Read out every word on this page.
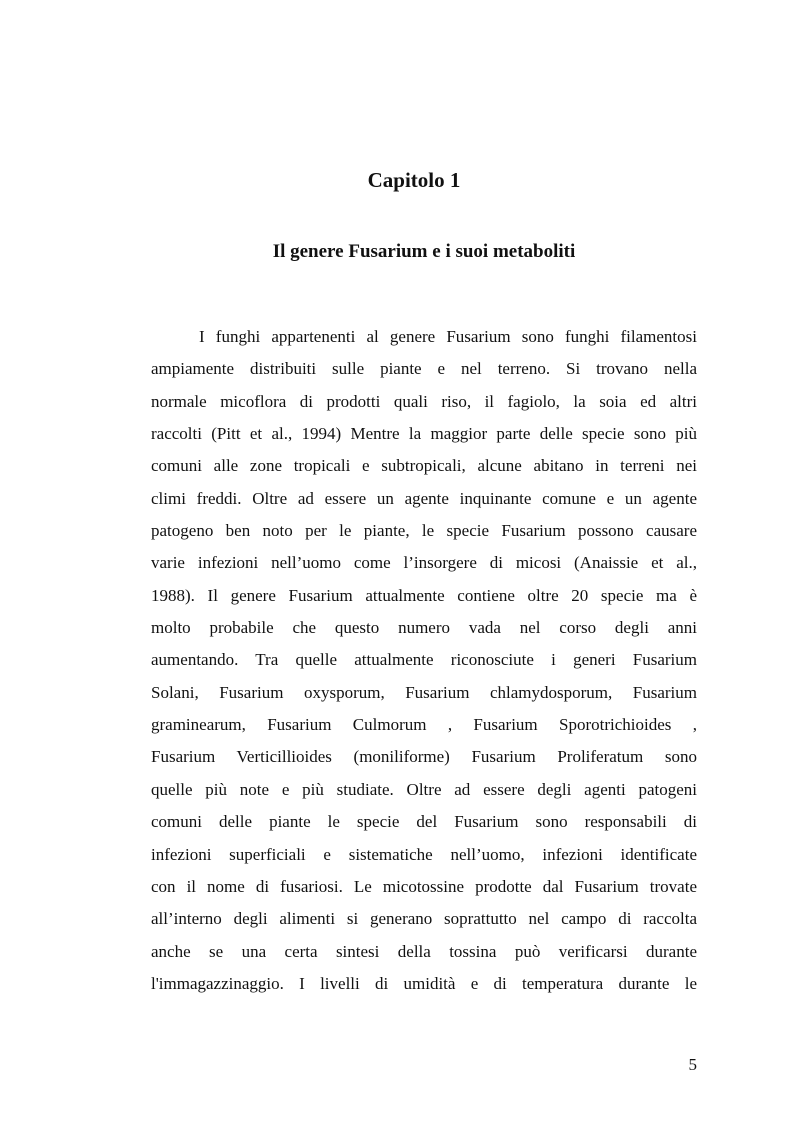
Capitolo 1
Il genere Fusarium e i suoi metaboliti
I funghi appartenenti al genere Fusarium sono funghi filamentosi
ampiamente distribuiti sulle piante e nel terreno. Si trovano nella
normale micoflora di prodotti quali riso, il fagiolo, la soia ed altri
raccolti (Pitt et al., 1994) Mentre la maggior parte delle specie sono più
comuni alle zone tropicali e subtropicali, alcune abitano in terreni nei
climi freddi. Oltre ad essere un agente inquinante comune e un agente
patogeno ben noto per le piante, le specie Fusarium possono causare
varie infezioni nell’uomo come l’insorgere di micosi (Anaissie et al.,
1988). Il genere Fusarium attualmente contiene oltre 20 specie ma è
molto probabile che questo numero vada nel corso degli anni
aumentando. Tra quelle attualmente riconosciute i generi Fusarium
Solani, Fusarium oxysporum, Fusarium chlamydosporum, Fusarium
graminearum, Fusarium Culmorum , Fusarium Sporotrichioides ,
Fusarium Verticillioides (moniliforme) Fusarium Proliferatum sono
quelle più note e più studiate. Oltre ad essere degli agenti patogeni
comuni delle piante le specie del Fusarium sono responsabili di
infezioni superficiali e sistematiche nell’uomo, infezioni identificate
con il nome di fusariosi. Le micotossine prodotte dal Fusarium trovate
all’interno degli alimenti si generano soprattutto nel campo di raccolta
anche se una certa sintesi della tossina può verificarsi durante
l'immagazzinaggio. I livelli di umidità e di temperatura durante le
5
